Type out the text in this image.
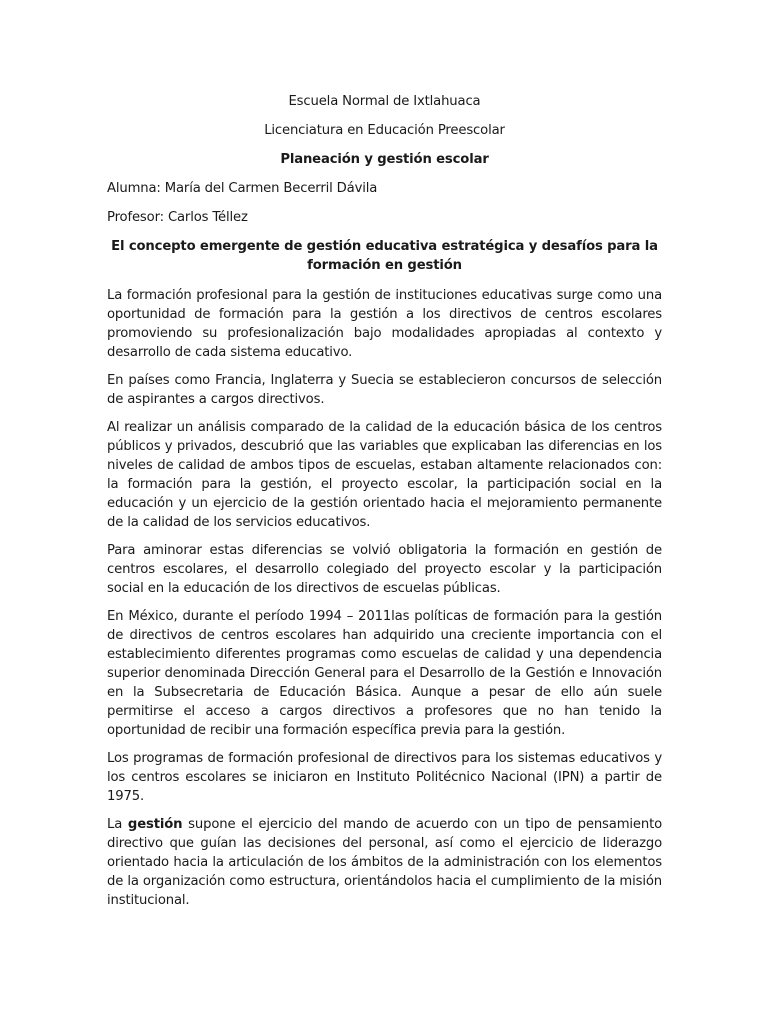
Escuela Normal de Ixtlahuaca
Licenciatura en Educación Preescolar
Planeación y gestión escolar
Alumna: María del Carmen Becerril Dávila
Profesor: Carlos Téllez
El concepto emergente de gestión educativa estratégica y desafíos para la
formación en gestión

La formación profesional para la gestión de instituciones educativas surge como una oportunidad de formación para la gestión a los directivos de centros escolares promoviendo su profesionalización bajo modalidades apropiadas al contexto y desarrollo de cada sistema educativo.

En países como Francia, Inglaterra y Suecia se establecieron concursos de selección de aspirantes a cargos directivos.

Al realizar un análisis comparado de la calidad de la educación básica de los centros públicos y privados, descubrió que las variables que explicaban las diferencias en los niveles de calidad de ambos tipos de escuelas, estaban altamente relacionados con: la formación para la gestión, el proyecto escolar, la participación social en la educación y un ejercicio de la gestión orientado hacia el mejoramiento permanente de la calidad de los servicios educativos.

Para aminorar estas diferencias se volvió obligatoria la formación en gestión de centros escolares, el desarrollo colegiado del proyecto escolar y la participación social en la educación de los directivos de escuelas públicas.

En México, durante el período 1994 – 2011las políticas de formación para la gestión de directivos de centros escolares han adquirido una creciente importancia con el establecimiento diferentes programas como escuelas de calidad y una dependencia superior denominada Dirección General para el Desarrollo de la Gestión e Innovación en la Subsecretaria de Educación Básica. Aunque a pesar de ello aún suele permitirse el acceso a cargos directivos a profesores que no han tenido la oportunidad de recibir una formación específica previa para la gestión.

Los programas de formación profesional de directivos para los sistemas educativos y los centros escolares se iniciaron en Instituto Politécnico Nacional (IPN) a partir de 1975.

La gestión supone el ejercicio del mando de acuerdo con un tipo de pensamiento directivo que guían las decisiones del personal, así como el ejercicio de liderazgo orientado hacia la articulación de los ámbitos de la administración con los elementos de la organización como estructura, orientándolos hacia el cumplimiento de la misión institucional.
